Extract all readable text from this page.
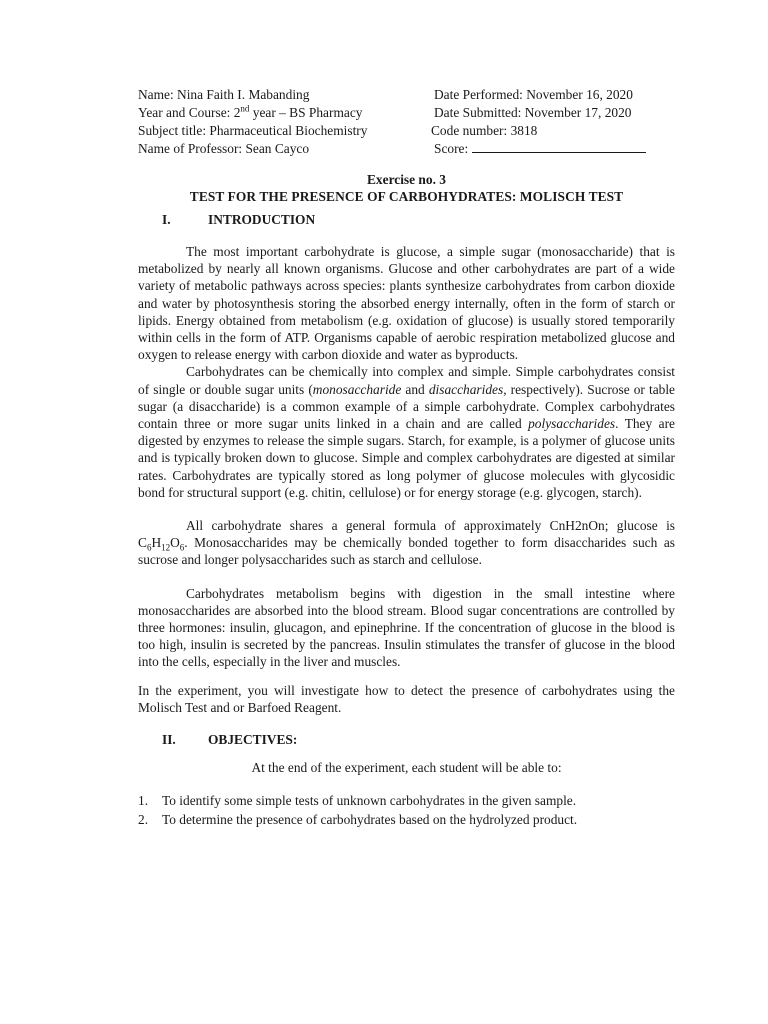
Name: Nina Faith I. Mabanding	Date Performed: November 16, 2020
Year and Course: 2nd year – BS Pharmacy	Date Submitted: November 17, 2020
Subject title: Pharmaceutical Biochemistry	Code number: 3818
Name of Professor: Sean Cayco	Score:
Exercise no. 3
TEST FOR THE PRESENCE OF CARBOHYDRATES: MOLISCH TEST
I.	INTRODUCTION

The most important carbohydrate is glucose, a simple sugar (monosaccharide) that is metabolized by nearly all known organisms. Glucose and other carbohydrates are part of a wide variety of metabolic pathways across species: plants synthesize carbohydrates from carbon dioxide and water by photosynthesis storing the absorbed energy internally, often in the form of starch or lipids. Energy obtained from metabolism (e.g. oxidation of glucose) is usually stored temporarily within cells in the form of ATP. Organisms capable of aerobic respiration metabolized glucose and oxygen to release energy with carbon dioxide and water as byproducts.

Carbohydrates can be chemically into complex and simple. Simple carbohydrates consist of single or double sugar units (monosaccharide and disaccharides, respectively). Sucrose or table sugar (a disaccharide) is a common example of a simple carbohydrate. Complex carbohydrates contain three or more sugar units linked in a chain and are called polysaccharides. They are digested by enzymes to release the simple sugars. Starch, for example, is a polymer of glucose units and is typically broken down to glucose. Simple and complex carbohydrates are digested at similar rates. Carbohydrates are typically stored as long polymer of glucose molecules with glycosidic bond for structural support (e.g. chitin, cellulose) or for energy storage (e.g. glycogen, starch).

All carbohydrate shares a general formula of approximately CnH2nOn; glucose is $C_6H_{12}O_6$. Monosaccharides may be chemically bonded together to form disaccharides such as sucrose and longer polysaccharides such as starch and cellulose.

Carbohydrates metabolism begins with digestion in the small intestine where monosaccharides are absorbed into the blood stream. Blood sugar concentrations are controlled by three hormones: insulin, glucagon, and epinephrine. If the concentration of glucose in the blood is too high, insulin is secreted by the pancreas. Insulin stimulates the transfer of glucose in the blood into the cells, especially in the liver and muscles.

In the experiment, you will investigate how to detect the presence of carbohydrates using the Molisch Test and or Barfoed Reagent.

II. OBJECTIVES:

At the end of the experiment, each student will be able to:

1. To identify some simple tests of unknown carbohydrates in the given sample.
2. To determine the presence of carbohydrates based on the hydrolyzed product.
